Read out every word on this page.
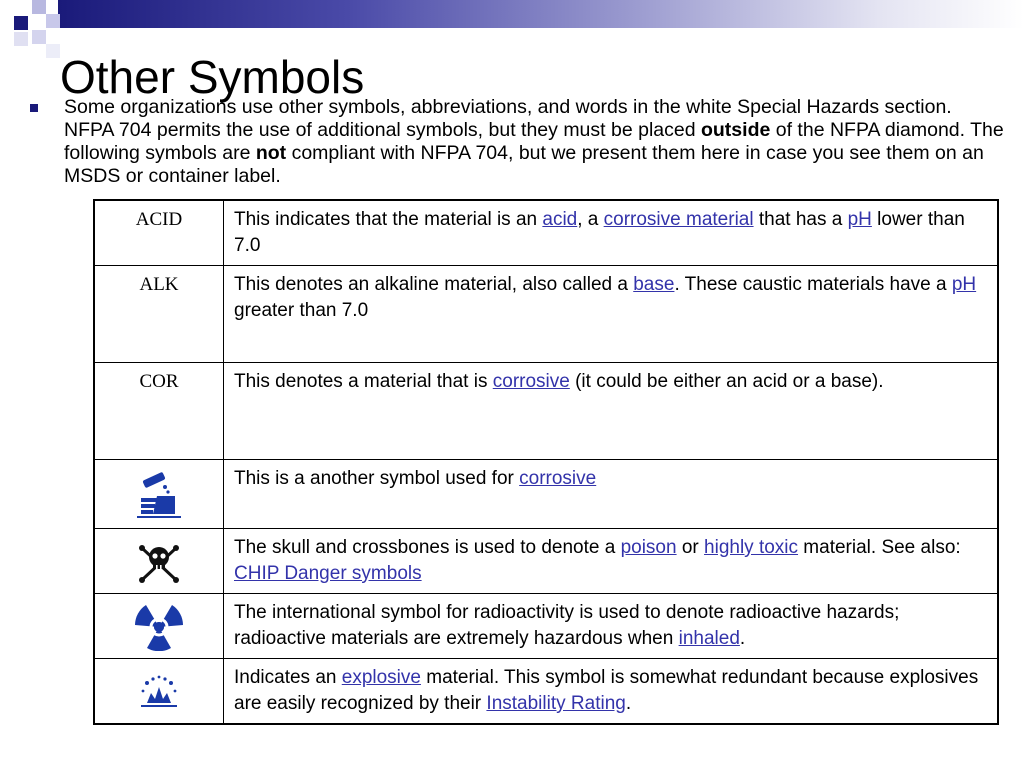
Other Symbols

Some organizations use other symbols, abbreviations, and words in the white Special Hazards section. NFPA 704 permits the use of additional symbols, but they must be placed outside of the NFPA diamond. The following symbols are not compliant with NFPA 704, but we present them here in case you see them on an MSDS or container label.

ACID	This indicates that the material is an acid, a corrosive material that has a pH lower than 7.0
ALK	This denotes an alkaline material, also called a base. These caustic materials have a pH greater than 7.0
COR	This denotes a material that is corrosive (it could be either an acid or a base).

	This is a another symbol used for corrosive

	The skull and crossbones is used to denote a poison or highly toxic material. See also: CHIP Danger symbols

	The international symbol for radioactivity is used to denote radioactive hazards; radioactive materials are extremely hazardous when inhaled.

	Indicates an explosive material. This symbol is somewhat redundant because explosives are easily recognized by their Instability Rating.
